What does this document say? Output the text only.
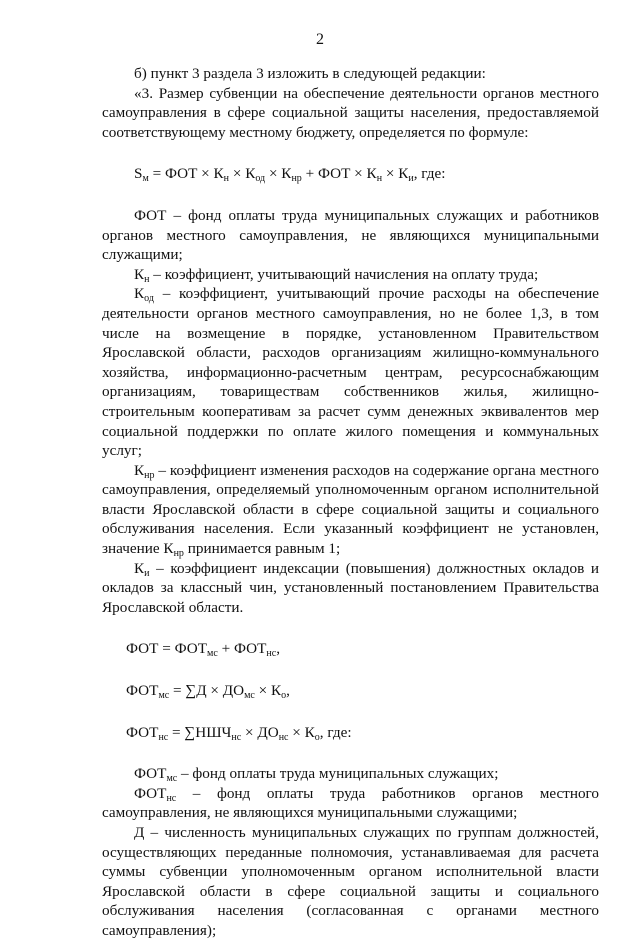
2

б) пункт 3 раздела 3 изложить в следующей редакции:

«3. Размер субвенции на обеспечение деятельности органов местного самоуправления в сфере социальной защиты населения, предоставляемой соответствующему местному бюджету, определяется по формуле:

$S_м$ = ФОТ × $К_н \times К_{од} \times К_{нр}$ + ФОТ × $К_н \times К_и$, где:

ФОТ – фонд оплаты труда муниципальных служащих и работников органов местного самоуправления, не являющихся муниципальными служащими;

$К_н$ – коэффициент, учитывающий начисления на оплату труда;

$К_{од}$ – коэффициент, учитывающий прочие расходы на обеспечение деятельности органов местного самоуправления, но не более 1,3, в том числе на возмещение в порядке, установленном Правительством Ярославской области, расходов организациям жилищно-коммунального хозяйства, информационно-расчетным центрам, ресурсоснабжающим организациям, товариществам собственников жилья, жилищно-строительным кооперативам за расчет сумм денежных эквивалентов мер социальной поддержки по оплате жилого помещения и коммунальных услуг;

$К_{нр}$ – коэффициент изменения расходов на содержание органа местного самоуправления, определяемый уполномоченным органом исполнительной власти Ярославской области в сфере социальной защиты и социального обслуживания населения. Если указанный коэффициент не установлен, значение $К_{нр}$ принимается равным 1;

$К_и$ – коэффициент индексации (повышения) должностных окладов и окладов за классный чин, установленный постановлением Правительства Ярославской области.

ФОТ = $ФОТ_{мс} + ФОТ_{нс}$,

$ФОТ_{мс} = \sum Д \times ДО_{мс} \times К_о$,

$ФОТ_{нс} = \sum НШЧ_{нс} \times ДО_{нс} \times К_о$, где:

$ФОТ_{мс}$ – фонд оплаты труда муниципальных служащих;

$ФОТ_{нс}$ – фонд оплаты труда работников органов местного самоуправления, не являющихся муниципальными служащими;

Д – численность муниципальных служащих по группам должностей, осуществляющих переданные полномочия, устанавливаемая для расчета суммы субвенции уполномоченным органом исполнительной власти Ярославской области в сфере социальной защиты и социального обслуживания населения (согласованная с органами местного самоуправления);
